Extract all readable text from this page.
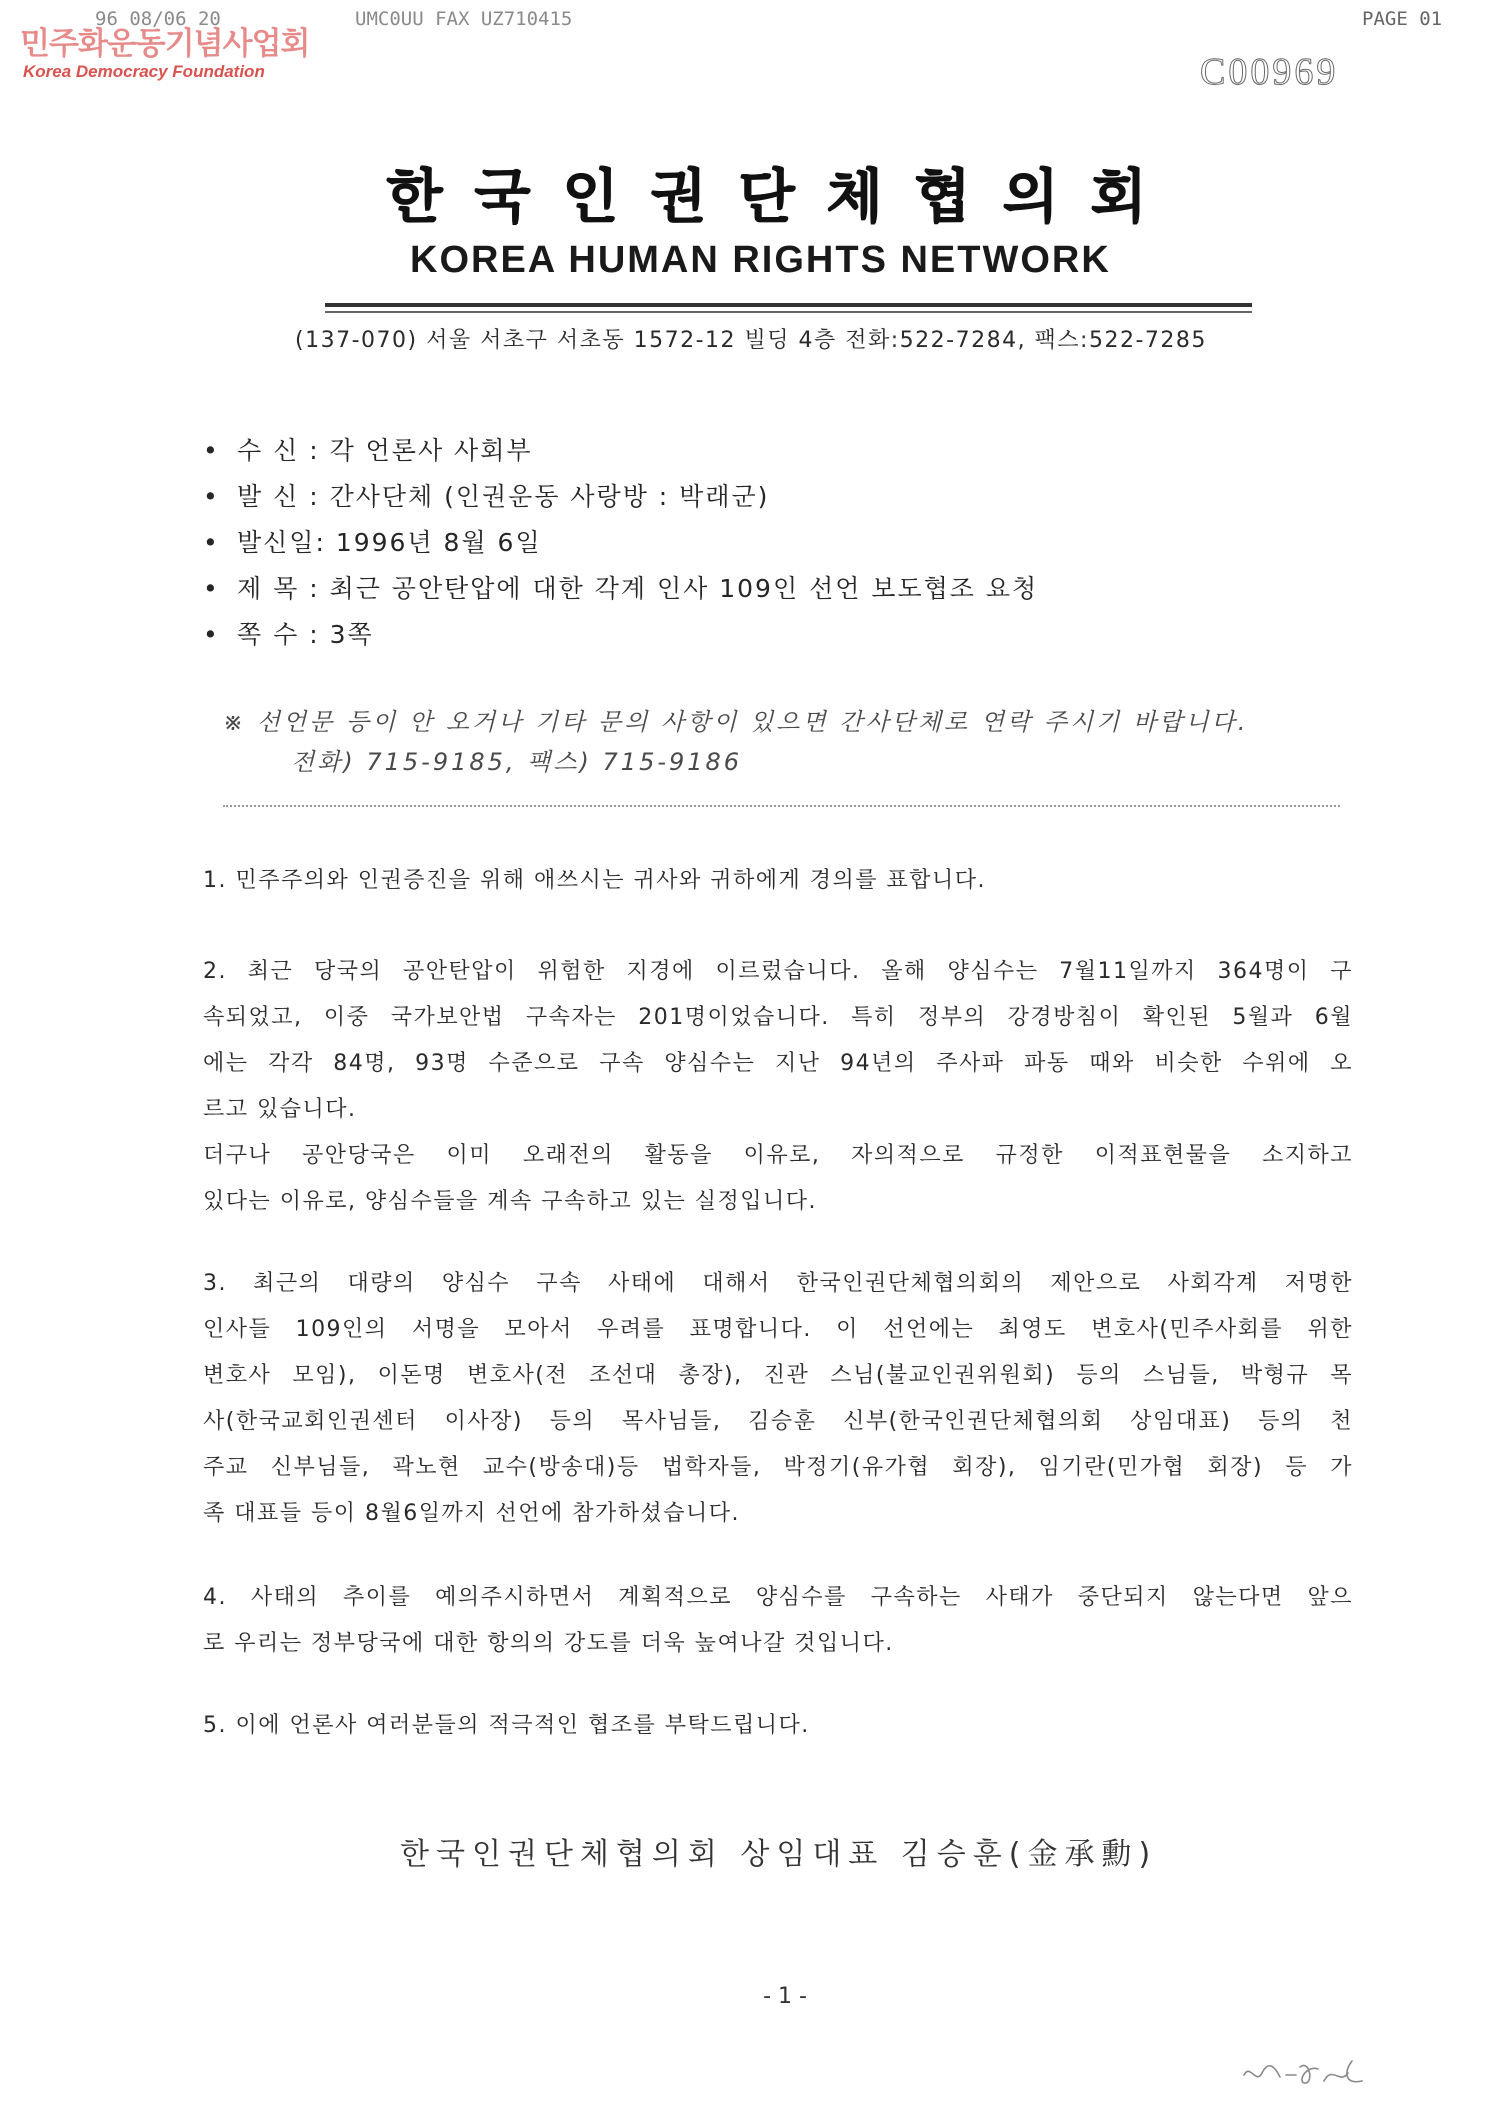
민주화운동기념사업회
Korea Democracy Foundation
96 08/06 20	UMC0UU FAX UZ710415	PAGE 01
C00969
한국인권단체협의회
KOREA HUMAN RIGHTS NETWORK
(137-070) 서울 서초구 서초동 1572-12 빌딩 4층 전화:522-7284, 팩스:522-7285
• 수 신 : 각 언론사 사회부
• 발 신 : 간사단체 (인권운동 사랑방 : 박래군)
• 발신일: 1996년 8월 6일
• 제 목 : 최근 공안탄압에 대한 각계 인사 109인 선언 보도협조 요청
• 쪽 수 : 3쪽
※ 선언문 등이 안 오거나 기타 문의 사항이 있으면 간사단체로 연락 주시기 바랍니다.
전화) 715-9185, 팩스) 715-9186
1. 민주주의와 인권증진을 위해 애쓰시는 귀사와 귀하에게 경의를 표합니다.
2. 최근 당국의 공안탄압이 위험한 지경에 이르렀습니다. 올해 양심수는 7월11일까지 364명이 구
속되었고, 이중 국가보안법 구속자는 201명이었습니다. 특히 정부의 강경방침이 확인된 5월과 6월
에는 각각 84명, 93명 수준으로 구속 양심수는 지난 94년의 주사파 파동 때와 비슷한 수위에 오
르고 있습니다.
더구나 공안당국은 이미 오래전의 활동을 이유로, 자의적으로 규정한 이적표현물을 소지하고
있다는 이유로, 양심수들을 계속 구속하고 있는 실정입니다.
3. 최근의 대량의 양심수 구속 사태에 대해서 한국인권단체협의회의 제안으로 사회각계 저명한
인사들 109인의 서명을 모아서 우려를 표명합니다. 이 선언에는 최영도 변호사(민주사회를 위한
변호사 모임), 이돈명 변호사(전 조선대 총장), 진관 스님(불교인권위원회) 등의 스님들, 박형규 목
사(한국교회인권센터 이사장) 등의 목사님들, 김승훈 신부(한국인권단체협의회 상임대표) 등의 천
주교 신부님들, 곽노현 교수(방송대)등 법학자들, 박정기(유가협 회장), 임기란(민가협 회장) 등 가
족 대표들 등이 8월6일까지 선언에 참가하셨습니다.
4. 사태의 추이를 예의주시하면서 계획적으로 양심수를 구속하는 사태가 중단되지 않는다면 앞으
로 우리는 정부당국에 대한 항의의 강도를 더욱 높여나갈 것입니다.
5. 이에 언론사 여러분들의 적극적인 협조를 부탁드립니다.
한국인권단체협의회 상임대표 김승훈(金承勳)
- 1 -
